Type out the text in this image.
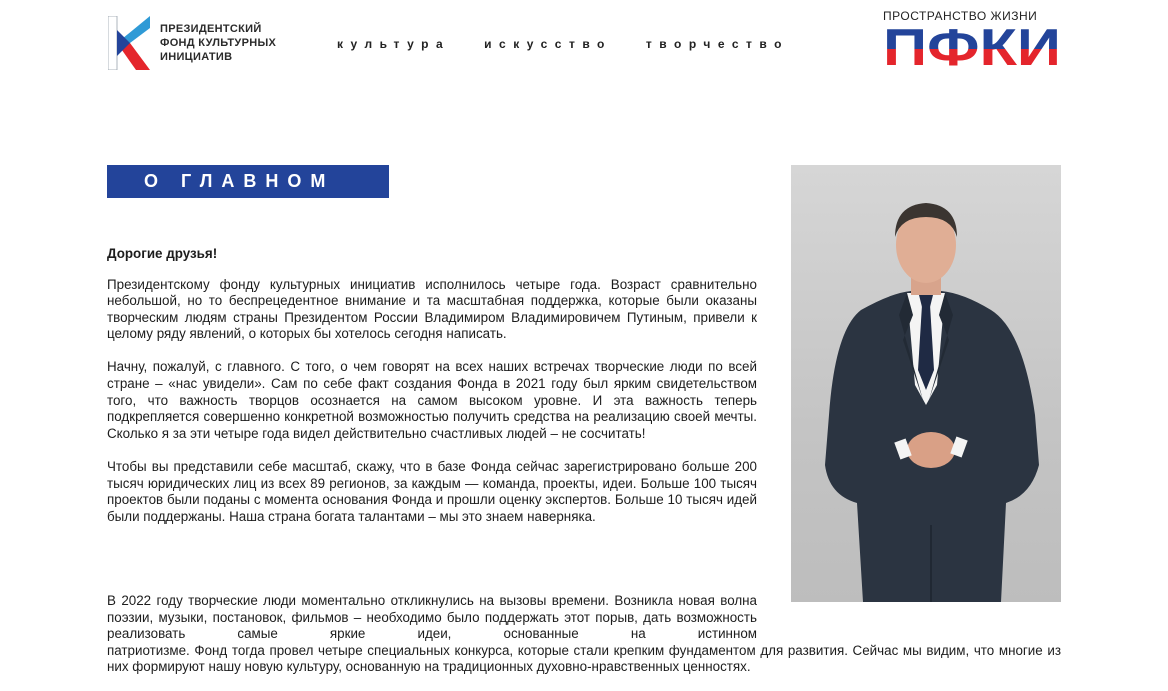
ПРЕЗИДЕНТСКИЙ
ФОНД КУЛЬТУРНЫХ
ИНИЦИАТИВ
культура	искусство	творчество
ПРОСТРАНСТВО ЖИЗНИ
ПФКИ
О ГЛАВНОМ

Дорогие друзья!

Президентскому фонду культурных инициатив исполнилось четыре года. Возраст сравнительно небольшой, но то беспрецедентное внимание и та масштабная поддержка, которые были оказаны творческим людям страны Президентом России Владимиром Владимировичем Путиным, привели к целому ряду явлений, о которых бы хотелось сегодня написать.

Начну, пожалуй, с главного. С того, о чем говорят на всех наших встречах творческие люди по всей стране – «нас увидели». Сам по себе факт создания Фонда в 2021 году был ярким свидетельством того, что важность творцов осознается на самом высоком уровне. И эта важность теперь подкрепляется совершенно конкретной возможностью получить средства на реализацию своей мечты. Сколько я за эти четыре года видел действительно счастливых людей – не сосчитать!

Чтобы вы представили себе масштаб, скажу, что в базе Фонда сейчас зарегистрировано больше 200 тысяч юридических лиц из всех 89 регионов, за каждым — команда, проекты, идеи. Больше 100 тысяч проектов были поданы с момента основания Фонда и прошли оценку экспертов. Больше 10 тысяч идей были поддержаны. Наша страна богата талантами – мы это знаем наверняка.

В 2022 году творческие люди моментально откликнулись на вызовы времени. Возникла новая волна поэзии, музыки, постановок, фильмов – необходимо было поддержать этот порыв, дать возможность реализовать самые яркие идеи, основанные на истинном
патриотизме. Фонд тогда провел четыре специальных конкурса, которые стали крепким фундаментом для развития. Сейчас мы видим, что многие из них формируют нашу новую культуру, основанную на традиционных духовно-нравственных ценностях.
